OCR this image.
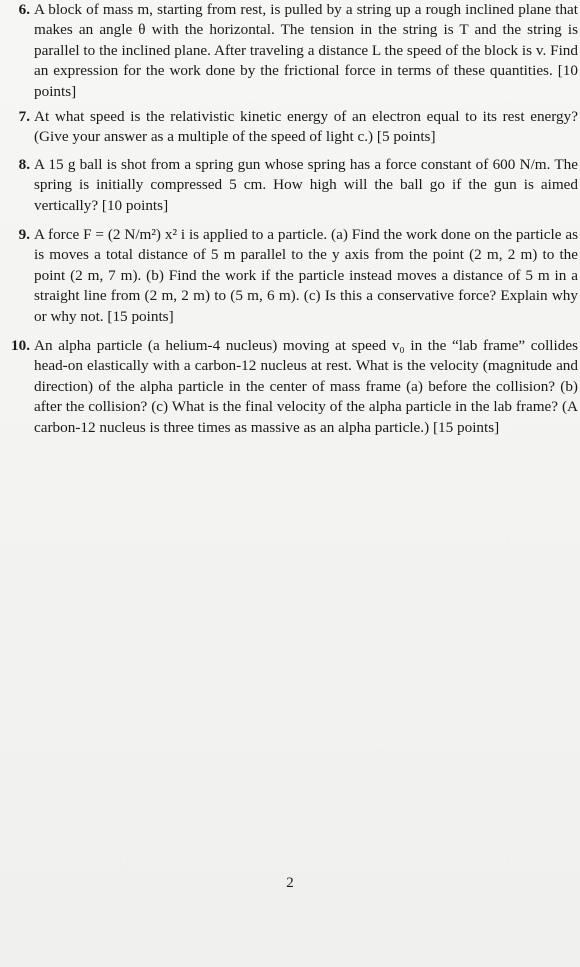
6. A block of mass m, starting from rest, is pulled by a string up a rough inclined plane that makes an angle θ with the horizontal. The tension in the string is T and the string is parallel to the inclined plane. After traveling a distance L the speed of the block is v. Find an expression for the work done by the frictional force in terms of these quantities. [10 points]
7. At what speed is the relativistic kinetic energy of an electron equal to its rest energy? (Give your answer as a multiple of the speed of light c.) [5 points]
8. A 15 g ball is shot from a spring gun whose spring has a force constant of 600 N/m. The spring is initially compressed 5 cm. How high will the ball go if the gun is aimed vertically? [10 points]
9. A force F = (2 N/m²) x² i is applied to a particle. (a) Find the work done on the particle as is moves a total distance of 5 m parallel to the y axis from the point (2 m, 2 m) to the point (2 m, 7 m). (b) Find the work if the particle instead moves a distance of 5 m in a straight line from (2 m, 2 m) to (5 m, 6 m). (c) Is this a conservative force? Explain why or why not. [15 points]
10. An alpha particle (a helium-4 nucleus) moving at speed v₀ in the “lab frame” collides head-on elastically with a carbon-12 nucleus at rest. What is the velocity (magnitude and direction) of the alpha particle in the center of mass frame (a) before the collision? (b) after the collision? (c) What is the final velocity of the alpha particle in the lab frame? (A carbon-12 nucleus is three times as massive as an alpha particle.) [15 points]
2
